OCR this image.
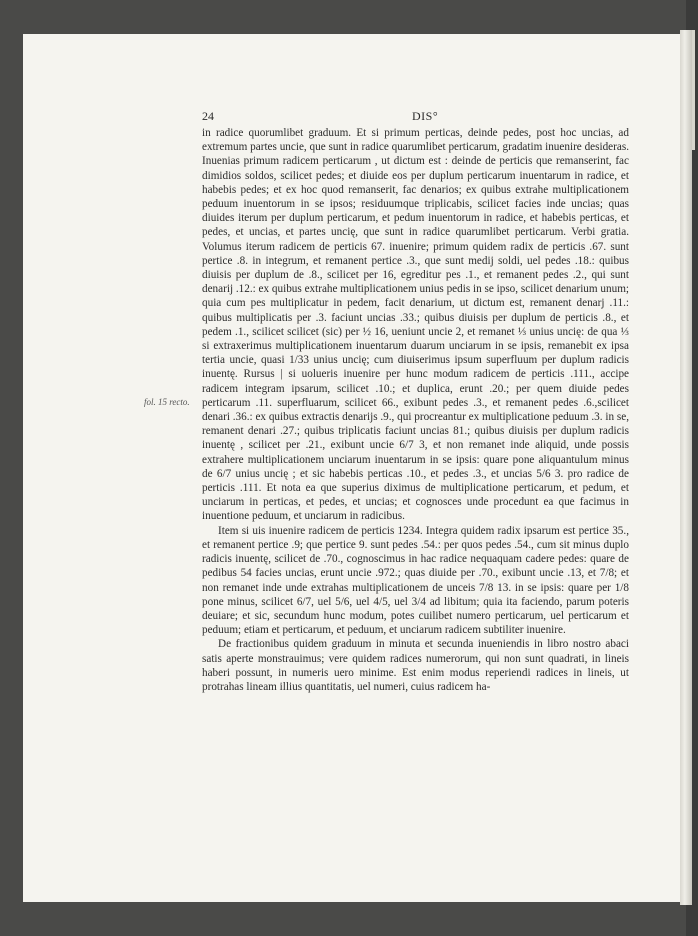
24	DIS°
fol. 15 recto.

in radice quorumlibet graduum. Et si primum perticas, deinde pedes, post hoc uncias, ad extremum partes uncie, que sunt in radice quarumlibet perticarum, gradatim inuenire desideras. Inuenias primum radicem perticarum , ut dictum est : deinde de perticis que remanserint, fac dimidios soldos, scilicet pedes; et diuide eos per duplum perticarum inuentarum in radice, et habebis pedes; et ex hoc quod remanserit, fac denarios; ex quibus extrahe multiplicationem peduum inuentorum in se ipsos; residuumque triplicabis, scilicet facies inde uncias; quas diuides iterum per duplum perticarum, et pedum inuentorum in radice, et habebis perticas, et pedes, et uncias, et partes uncię, que sunt in radice quarumlibet perticarum. Verbi gratia. Volumus iterum radicem de perticis 67. inuenire; primum quidem radix de perticis .67. sunt pertice .8. in integrum, et remanent pertice .3., que sunt medij soldi, uel pedes .18.: quibus diuisis per duplum de .8., scilicet per 16, egreditur pes .1., et remanent pedes .2., qui sunt denarij .12.: ex quibus extrahe multiplicationem unius pedis in se ipso, scilicet denarium unum; quia cum pes multiplicatur in pedem, facit denarium, ut dictum est, remanent denarj .11.: quibus multiplicatis per .3. faciunt uncias .33.; quibus diuisis per duplum de perticis .8., et pedem .1., scilicet scilicet (sic) per ½ 16, ueniunt uncie 2, et remanet ⅓ unius uncię: de qua ⅓ si extraxerimus multiplicationem inuentarum duarum unciarum in se ipsis, remanebit ex ipsa tertia uncie, quasi 1/33 unius uncię; cum diuiserimus ipsum superfluum per duplum radicis inuentę. Rursus | si uolueris inuenire per hunc modum radicem de perticis .111., accipe radicem integram ipsarum, scilicet .10.; et duplica, erunt .20.; per quem diuide pedes perticarum .11. superfluarum, scilicet 66., exibunt pedes .3., et remanent pedes .6.,scilicet denari .36.: ex quibus extractis denarijs .9., qui procreantur ex multiplicatione peduum .3. in se, remanent denari .27.; quibus triplicatis faciunt uncias 81.; quibus diuisis per duplum radicis inuentę , scilicet per .21., exibunt uncie 6/7 3, et non remanet inde aliquid, unde possis extrahere multiplicationem unciarum inuentarum in se ipsis: quare pone aliquantulum minus de 6/7 unius uncię ; et sic habebis perticas .10., et pedes .3., et uncias 5/6 3. pro radice de perticis .111. Et nota ea que superius diximus de multiplicatione perticarum, et pedum, et unciarum in perticas, et pedes, et uncias; et cognosces unde procedunt ea que facimus in inuentione peduum, et unciarum in radicibus.

Item si uis inuenire radicem de perticis 1234. Integra quidem radix ipsarum est pertice 35., et remanent pertice .9; que pertice 9. sunt pedes .54.: per quos pedes .54., cum sit minus duplo radicis inuentę, scilicet de .70., cognoscimus in hac radice nequaquam cadere pedes: quare de pedibus 54 facies uncias, erunt uncie .972.; quas diuide per .70., exibunt uncie .13, et 7/8; et non remanet inde unde extrahas multiplicationem de unceis 7/8 13. in se ipsis: quare per 1/8 pone minus, scilicet 6/7, uel 5/6, uel 4/5, uel 3/4 ad libitum; quia ita faciendo, parum poteris deuiare; et sic, secundum hunc modum, potes cuilibet numero perticarum, uel perticarum et peduum; etiam et perticarum, et peduum, et unciarum radicem subtiliter inuenire.

De fractionibus quidem graduum in minuta et secunda inueniendis in libro nostro abaci satis aperte monstrauimus; vere quidem radices numerorum, qui non sunt quadrati, in lineis haberi possunt, in numeris uero minime. Est enim modus reperiendi radices in lineis, ut protrahas lineam illius quantitatis, uel numeri, cuius radicem ha-
